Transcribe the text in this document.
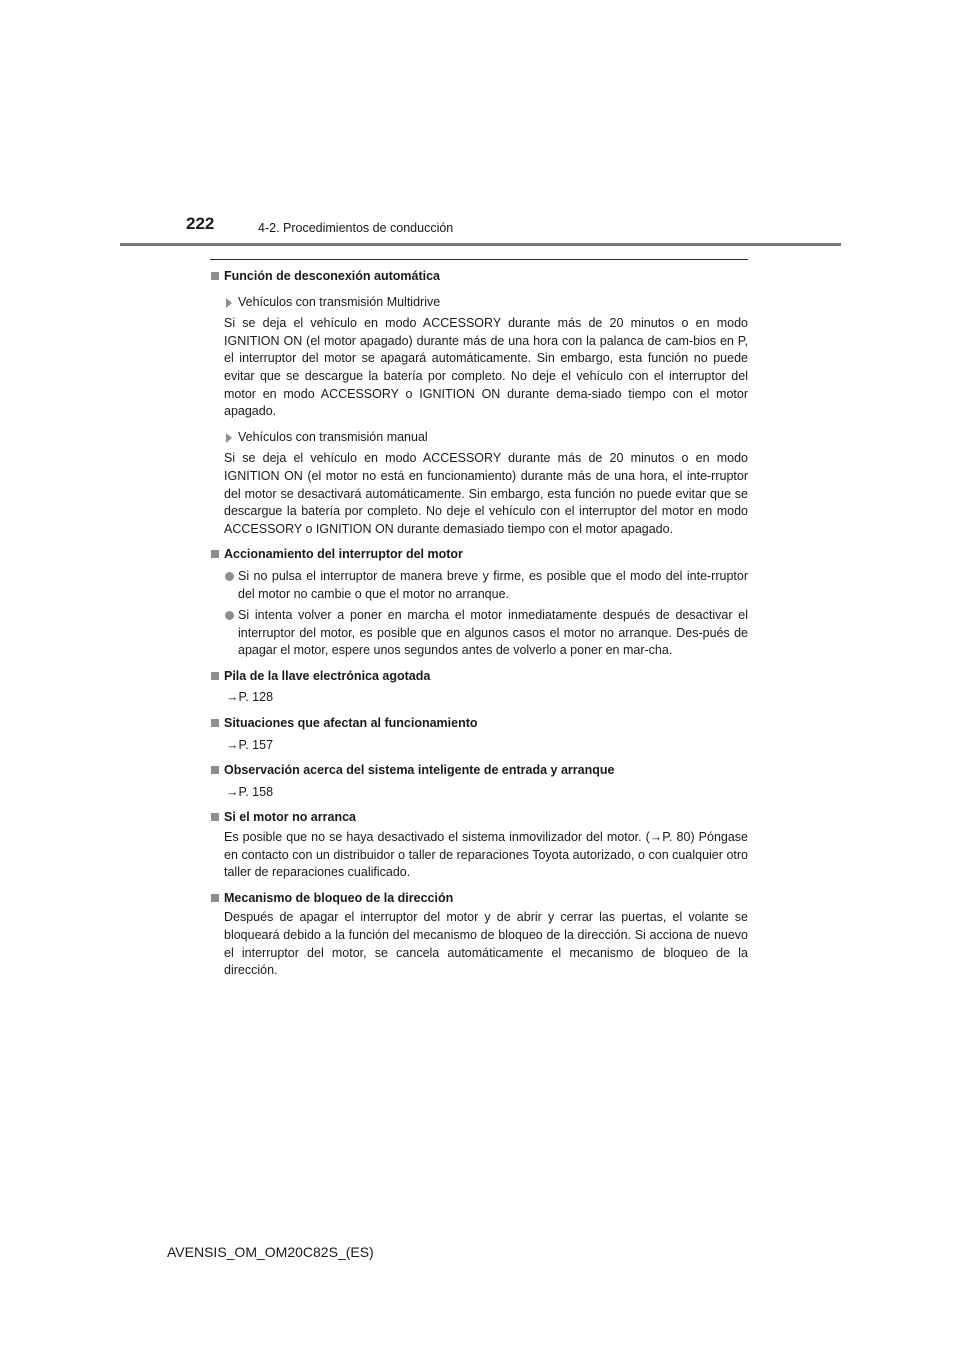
222	4-2. Procedimientos de conducción

Función de desconexión automática

Vehículos con transmisión Multidrive

Si se deja el vehículo en modo ACCESSORY durante más de 20 minutos o en modo IGNITION ON (el motor apagado) durante más de una hora con la palanca de cam-bios en P, el interruptor del motor se apagará automáticamente. Sin embargo, esta función no puede evitar que se descargue la batería por completo. No deje el vehículo con el interruptor del motor en modo ACCESSORY o IGNITION ON durante dema-siado tiempo con el motor apagado.

Vehículos con transmisión manual

Si se deja el vehículo en modo ACCESSORY durante más de 20 minutos o en modo IGNITION ON (el motor no está en funcionamiento) durante más de una hora, el inte-rruptor del motor se desactivará automáticamente. Sin embargo, esta función no puede evitar que se descargue la batería por completo. No deje el vehículo con el interruptor del motor en modo ACCESSORY o IGNITION ON durante demasiado tiempo con el motor apagado.

Accionamiento del interruptor del motor

Si no pulsa el interruptor de manera breve y firme, es posible que el modo del inte-rruptor del motor no cambie o que el motor no arranque.

Si intenta volver a poner en marcha el motor inmediatamente después de desactivar el interruptor del motor, es posible que en algunos casos el motor no arranque. Des-pués de apagar el motor, espere unos segundos antes de volverlo a poner en mar-cha.

Pila de la llave electrónica agotada

→P. 128

Situaciones que afectan al funcionamiento

→P. 157

Observación acerca del sistema inteligente de entrada y arranque

→P. 158

Si el motor no arranca

Es posible que no se haya desactivado el sistema inmovilizador del motor. (→P. 80) Póngase en contacto con un distribuidor o taller de reparaciones Toyota autorizado, o con cualquier otro taller de reparaciones cualificado.

Mecanismo de bloqueo de la dirección

Después de apagar el interruptor del motor y de abrir y cerrar las puertas, el volante se bloqueará debido a la función del mecanismo de bloqueo de la dirección. Si acciona de nuevo el interruptor del motor, se cancela automáticamente el mecanismo de bloqueo de la dirección.

AVENSIS_OM_OM20C82S_(ES)
